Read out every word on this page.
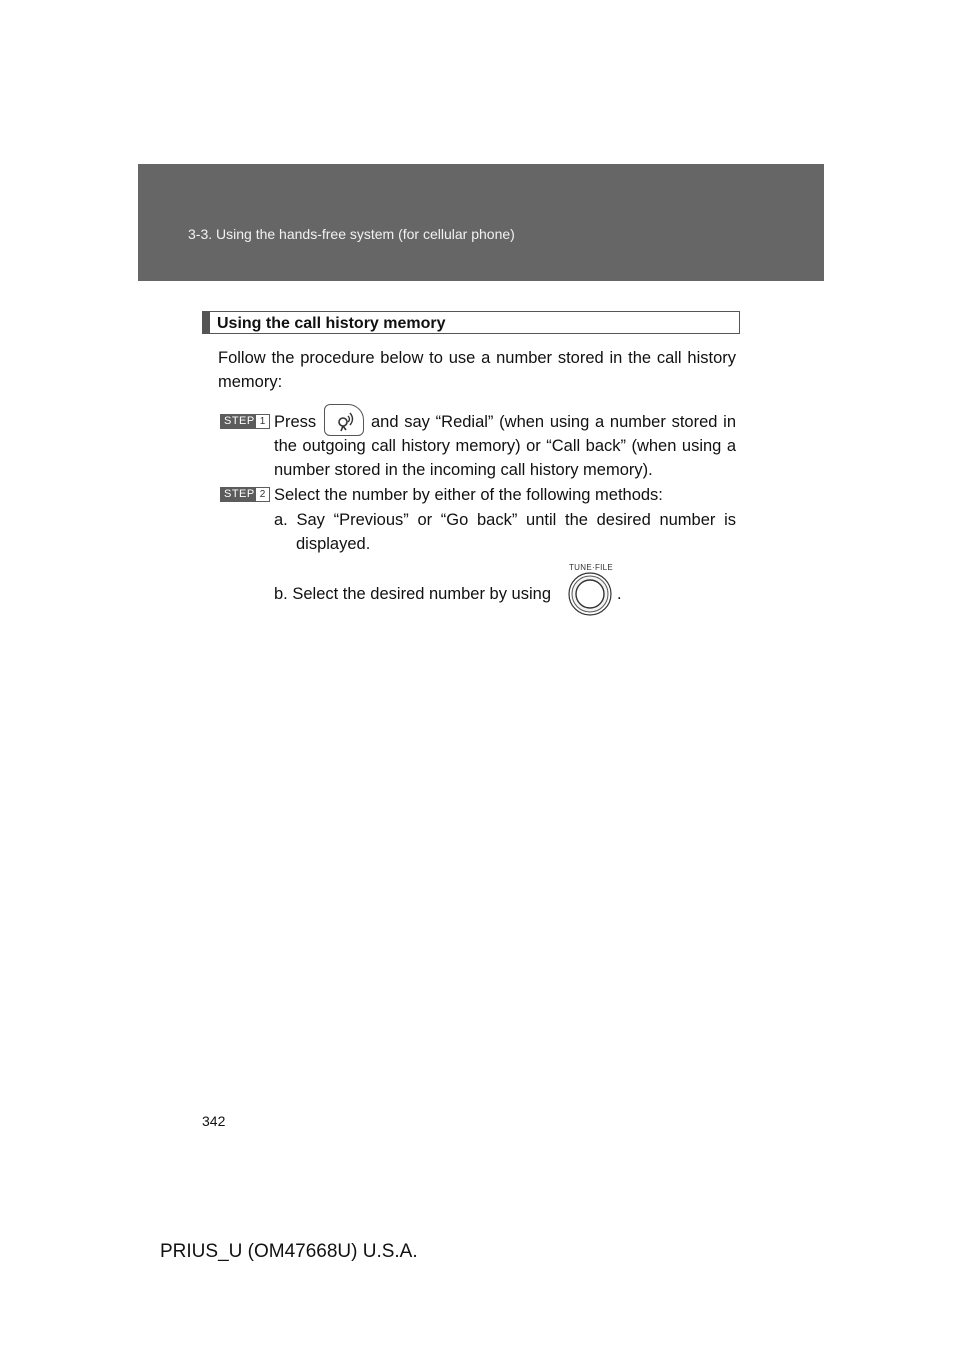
3-3. Using the hands-free system (for cellular phone)
Using the call history memory
Follow the procedure below to use a number stored in the call history
memory:
STEP 1 Press	and say “Redial” (when using a number stored in
the outgoing call history memory) or “Call back” (when using a
number stored in the incoming call history memory).
STEP 2 Select the number by either of the following methods:
a. Say “Previous” or “Go back” until the desired number is
displayed.
b. Select the desired number by using
TUNE·FILE
.
342
PRIUS_U (OM47668U) U.S.A.
